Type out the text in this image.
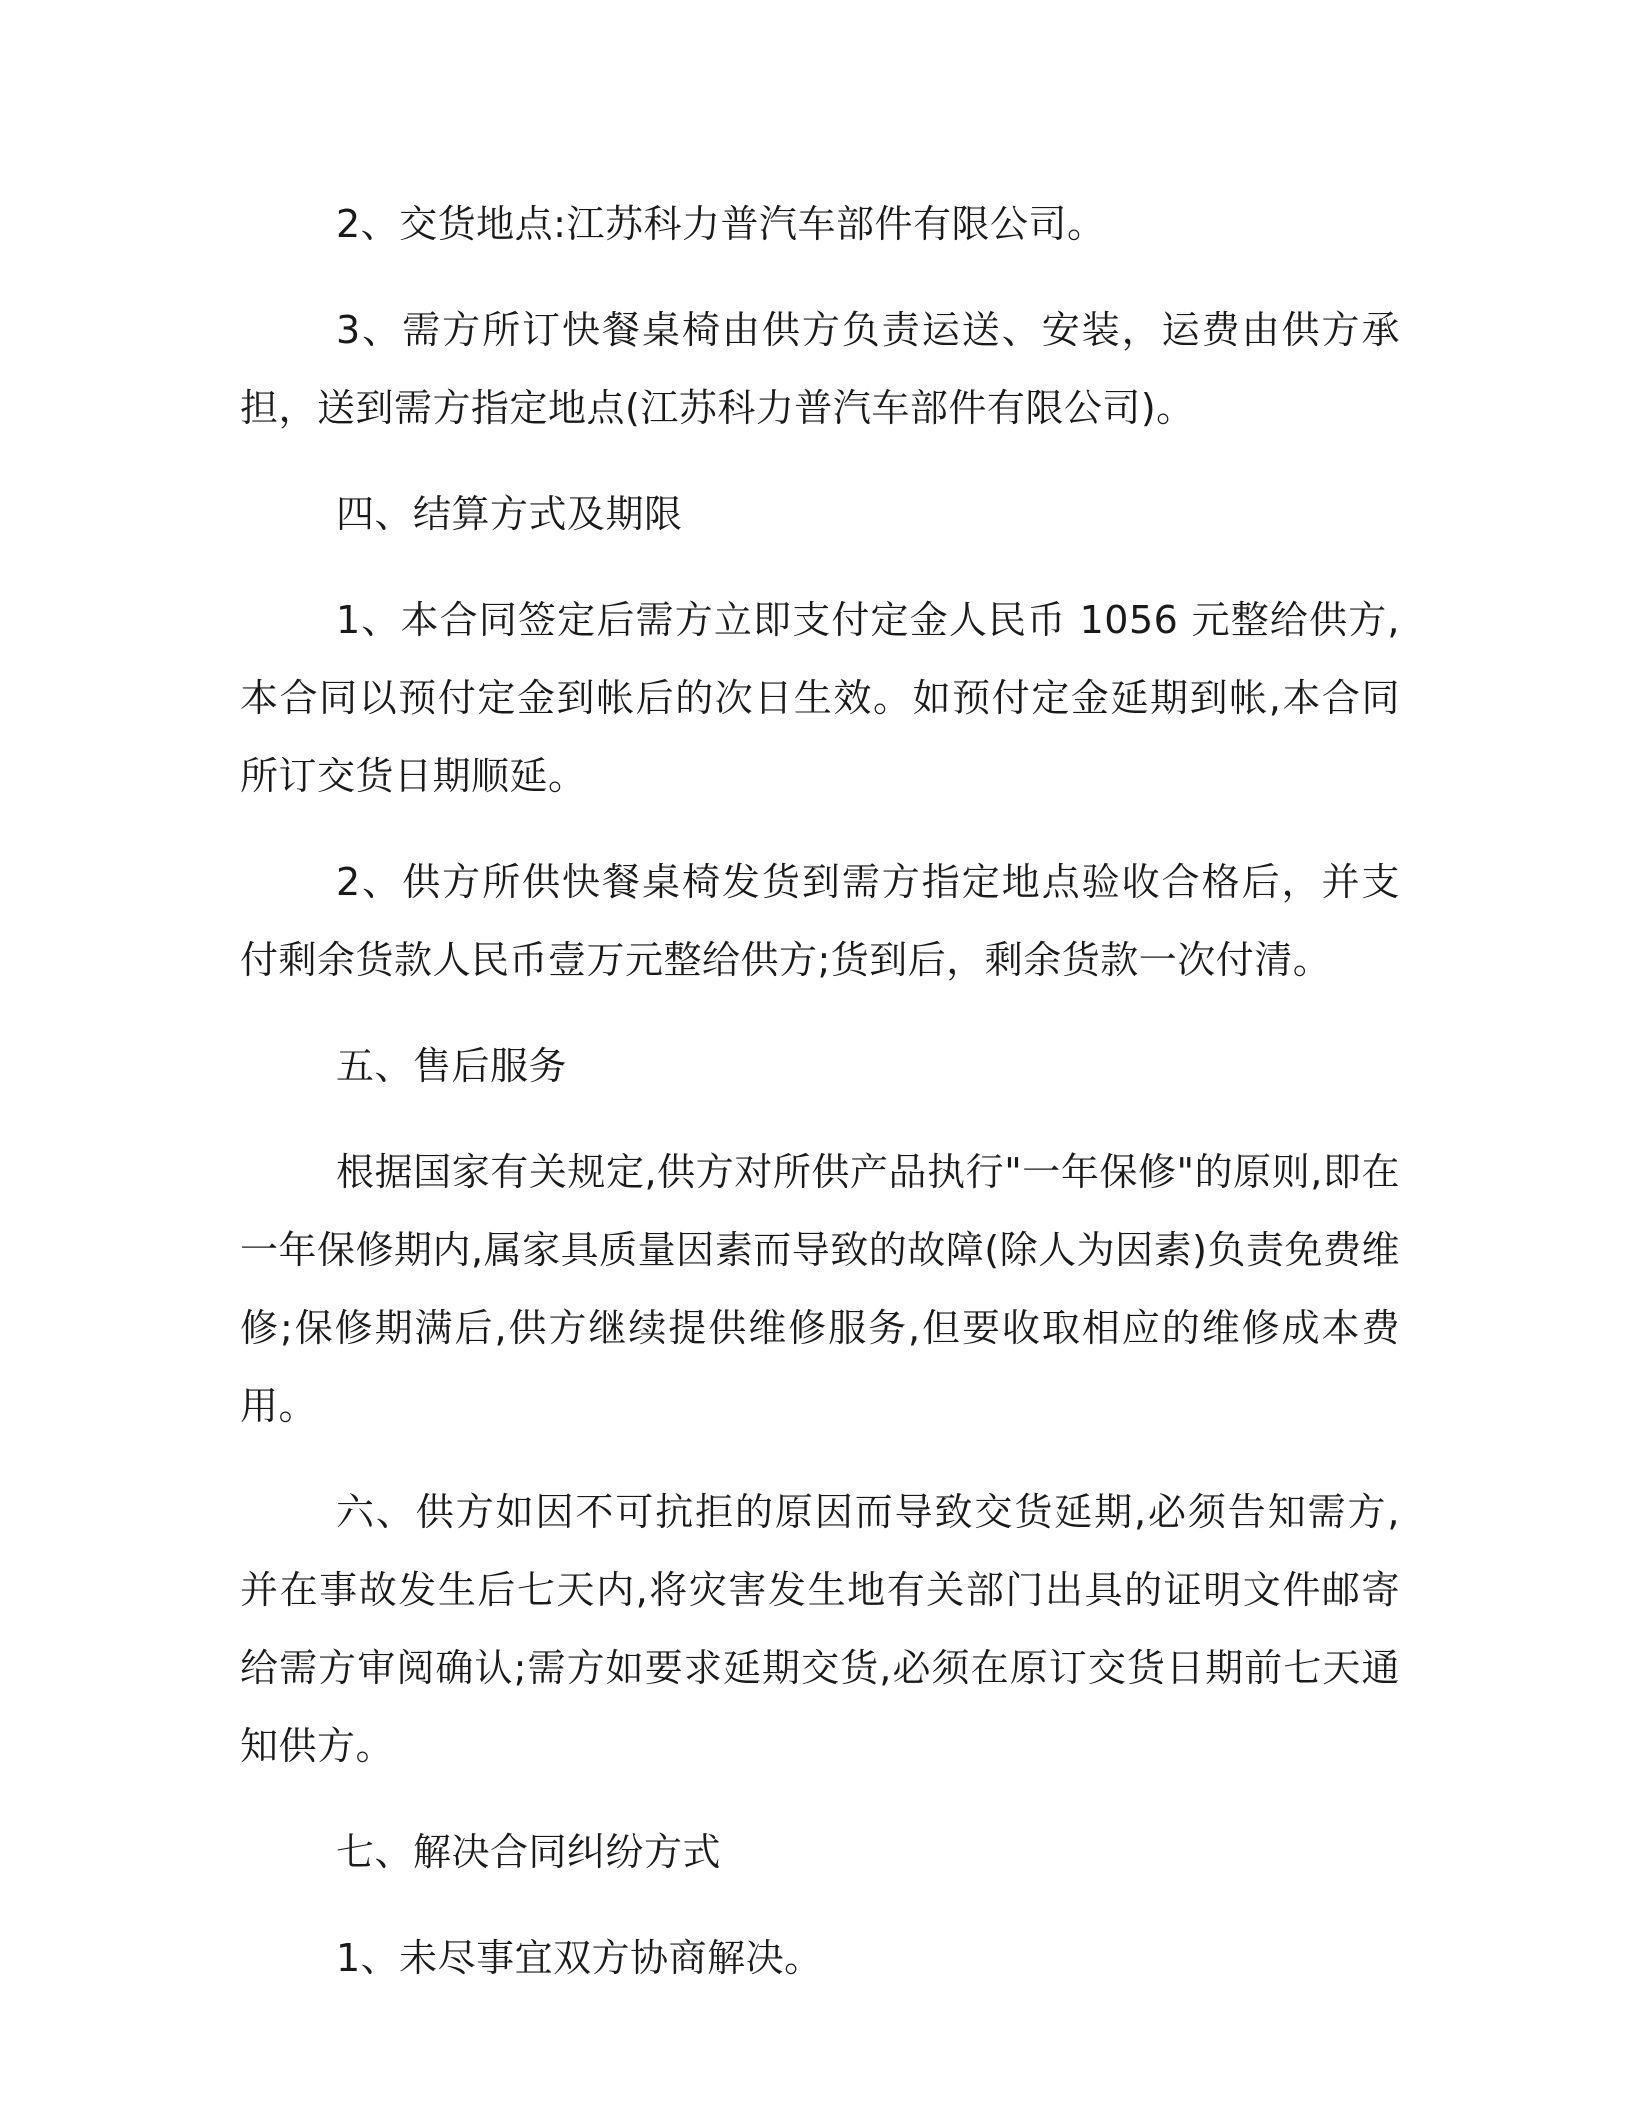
2、交货地点:江苏科力普汽车部件有限公司。

3、需方所订快餐桌椅由供方负责运送、安装，运费由供方承担，送到需方指定地点(江苏科力普汽车部件有限公司)。

四、结算方式及期限

1、本合同签定后需方立即支付定金人民币 1056 元整给供方,本合同以预付定金到帐后的次日生效。如预付定金延期到帐,本合同所订交货日期顺延。

2、供方所供快餐桌椅发货到需方指定地点验收合格后，并支付剩余货款人民币壹万元整给供方;货到后，剩余货款一次付清。

五、售后服务

根据国家有关规定,供方对所供产品执行"一年保修"的原则,即在一年保修期内,属家具质量因素而导致的故障(除人为因素)负责免费维修;保修期满后,供方继续提供维修服务,但要收取相应的维修成本费用。

六、供方如因不可抗拒的原因而导致交货延期,必须告知需方,并在事故发生后七天内,将灾害发生地有关部门出具的证明文件邮寄给需方审阅确认;需方如要求延期交货,必须在原订交货日期前七天通知供方。

七、解决合同纠纷方式

1、未尽事宜双方协商解决。
